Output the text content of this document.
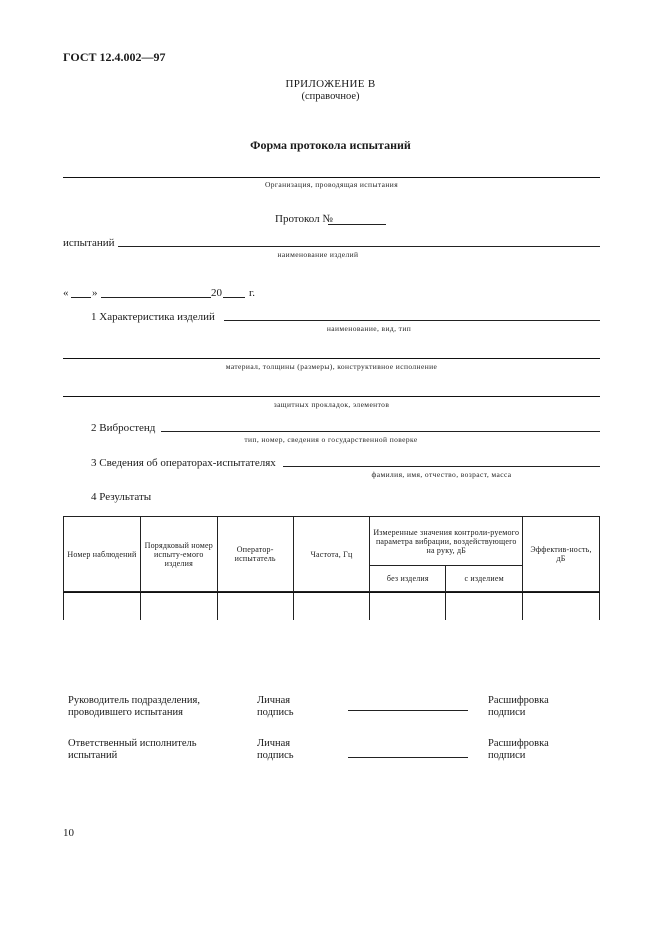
ГОСТ 12.4.002—97
ПРИЛОЖЕНИЕ В
(справочное)
Форма протокола испытаний
Организация, проводящая испытания
Протокол №
испытаний
наименование изделий
« »	20 г.
1 Характеристика изделий
наименование, вид, тип
материал, толщины (размеры), конструктивное исполнение
защитных прокладок, элементов
2 Вибростенд
тип, номер, сведения о государственной поверке
3 Сведения об операторах-испытателях
фамилия, имя, отчество, возраст, масса
4 Результаты
Номер наблюдений	Порядковый номер испыту-емого изделия	Оператор-испытатель	Частота, Гц	Измеренные значения контроли-руемого параметра вибрации, воздействующего на руку, дБ		Эффектив-ность, дБ
				без изделия	с изделием	

Руководитель подразделения, проводившего испытания
Личная подпись
Расшифровка подписи
Ответственный исполнитель испытаний
Личная подпись
Расшифровка подписи
10
